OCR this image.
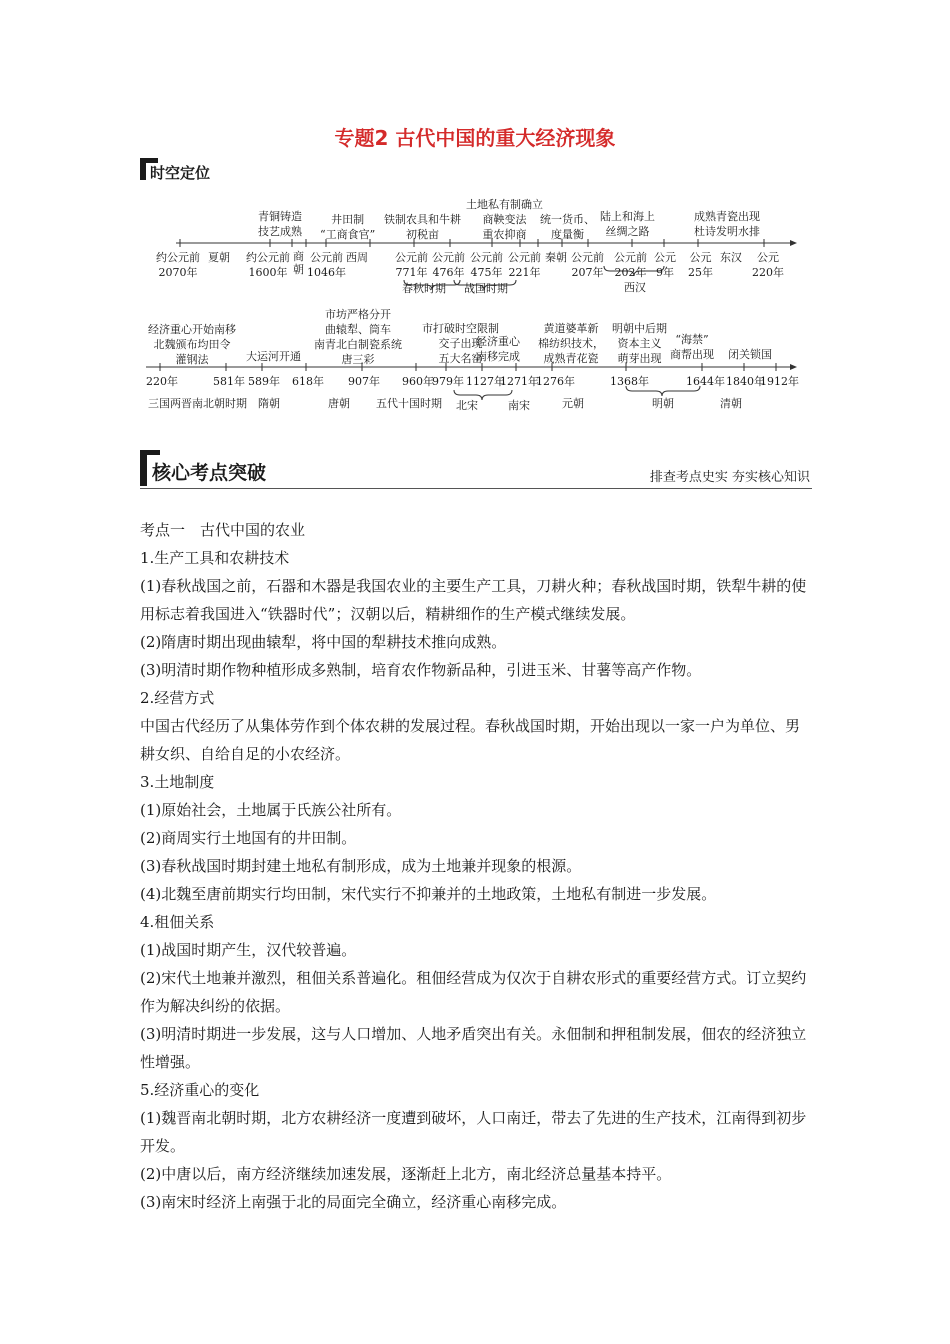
专题2 古代中国的重大经济现象
时空定位
青铜铸造
技艺成熟
井田制
“工商食官”
铁制农具和牛耕
初税亩
土地私有制确立
商鞅变法
重农抑商
统一货币、
度量衡
陆上和海上
丝绸之路
成熟青瓷出现
杜诗发明水排
约公元前
2070年
夏朝 约公元前
1600年
商
朝
公元前
1046年
西周 公元前
771年
公元前
476年
公元前
475年
公元前
221年
秦朝 公元前
207年
公元前
202年
公元
9年
公元
25年
东汉	公元
220年
春秋时期 战国时期	西汉
经济重心开始南移
北魏颁布均田令
灌钢法	大运河开通
市坊严格分开
曲辕犁、筒车
南青北白制瓷系统
唐三彩
市打破时空限制
交子出现
五大名窑
经济重心
南移完成
黄道婆革新
棉纺织技术，
成熟青花瓷
明朝中后期
资本主义
萌芽出现
“海禁”
商帮出现 闭关锁国
220年	581年 589年 618年 907年 960年
979年 1127年
1271年
1276年	1368年	1644年 1840年
1912年
三国两晋南北朝时期 隋朝	唐朝 五代十国时期 北宋	南宋	元朝	明朝	清朝
核心考点突破	排查考点史实 夯实核心知识

考点一　古代中国的农业

1.生产工具和农耕技术

(1)春秋战国之前，石器和木器是我国农业的主要生产工具，刀耕火种；春秋战国时期，铁犁牛耕的使用标志着我国进入“铁器时代”；汉朝以后，精耕细作的生产模式继续发展。

(2)隋唐时期出现曲辕犁，将中国的犁耕技术推向成熟。

(3)明清时期作物种植形成多熟制，培育农作物新品种，引进玉米、甘薯等高产作物。

2.经营方式

中国古代经历了从集体劳作到个体农耕的发展过程。春秋战国时期，开始出现以一家一户为单位、男耕女织、自给自足的小农经济。

3.土地制度

(1)原始社会，土地属于氏族公社所有。

(2)商周实行土地国有的井田制。

(3)春秋战国时期封建土地私有制形成，成为土地兼并现象的根源。

(4)北魏至唐前期实行均田制，宋代实行不抑兼并的土地政策，土地私有制进一步发展。

4.租佃关系

(1)战国时期产生，汉代较普遍。

(2)宋代土地兼并激烈，租佃关系普遍化。租佃经营成为仅次于自耕农形式的重要经营方式。订立契约作为解决纠纷的依据。

(3)明清时期进一步发展，这与人口增加、人地矛盾突出有关。永佃制和押租制发展，佃农的经济独立性增强。

5.经济重心的变化

(1)魏晋南北朝时期，北方农耕经济一度遭到破坏，人口南迁，带去了先进的生产技术，江南得到初步开发。

(2)中唐以后，南方经济继续加速发展，逐渐赶上北方，南北经济总量基本持平。

(3)南宋时经济上南强于北的局面完全确立，经济重心南移完成。
